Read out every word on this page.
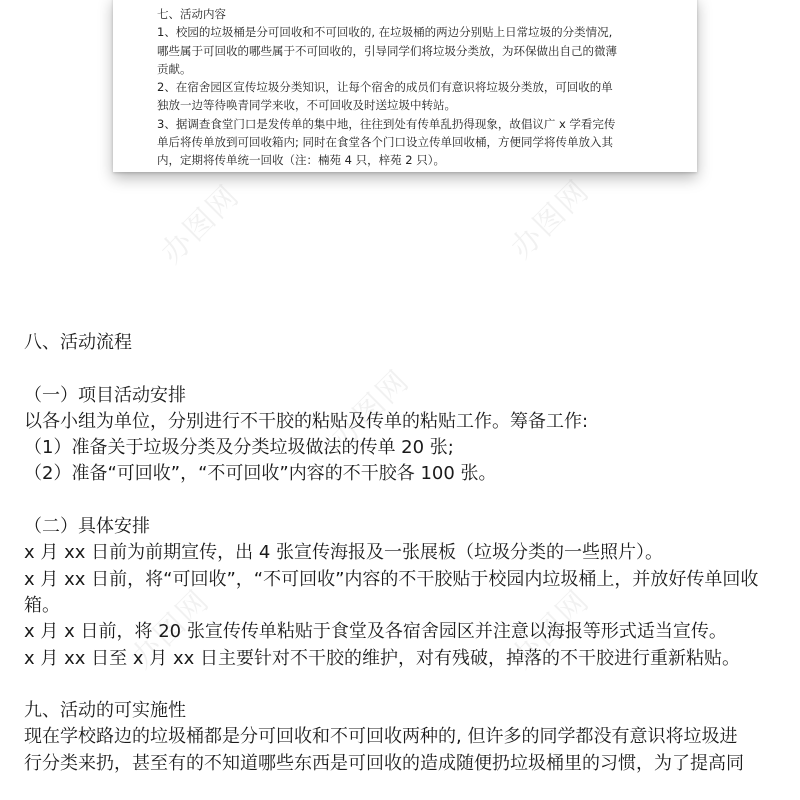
七、活动内容

1、校园的垃圾桶是分可回收和不可回收的, 在垃圾桶的两边分别贴上日常垃圾的分类情况,

哪些属于可回收的哪些属于不可回收的，引导同学们将垃圾分类放，为环保做出自己的微薄

贡献。

2、在宿舍园区宣传垃圾分类知识，让每个宿舍的成员们有意识将垃圾分类放，可回收的单

独放一边等待唤青同学来收，不可回收及时送垃圾中转站。

3、据调查食堂门口是发传单的集中地，往往到处有传单乱扔得现象，故倡议广 x 学看完传

单后将传单放到可回收箱内; 同时在食堂各个门口设立传单回收桶，方便同学将传单放入其

内，定期将传单统一回收（注：楠苑 4 只，梓苑 2 只）。

办图网	办图网
办图网
办图网	办图网

八、活动流程

（一）项目活动安排

以各小组为单位，分别进行不干胶的粘贴及传单的粘贴工作。筹备工作:

（1）准备关于垃圾分类及分类垃圾做法的传单 20 张;

（2）准备“可回收”，“不可回收”内容的不干胶各 100 张。

（二）具体安排

x 月 xx 日前为前期宣传，出 4 张宣传海报及一张展板（垃圾分类的一些照片）。

x 月 xx 日前，将“可回收”，“不可回收”内容的不干胶贴于校园内垃圾桶上，并放好传单回收

箱。

x 月 x 日前，将 20 张宣传传单粘贴于食堂及各宿舍园区并注意以海报等形式适当宣传。

x 月 xx 日至 x 月 xx 日主要针对不干胶的维护，对有残破，掉落的不干胶进行重新粘贴。

九、活动的可实施性

现在学校路边的垃圾桶都是分可回收和不可回收两种的, 但许多的同学都没有意识将垃圾进

行分类来扔，甚至有的不知道哪些东西是可回收的造成随便扔垃圾桶里的习惯，为了提高同
